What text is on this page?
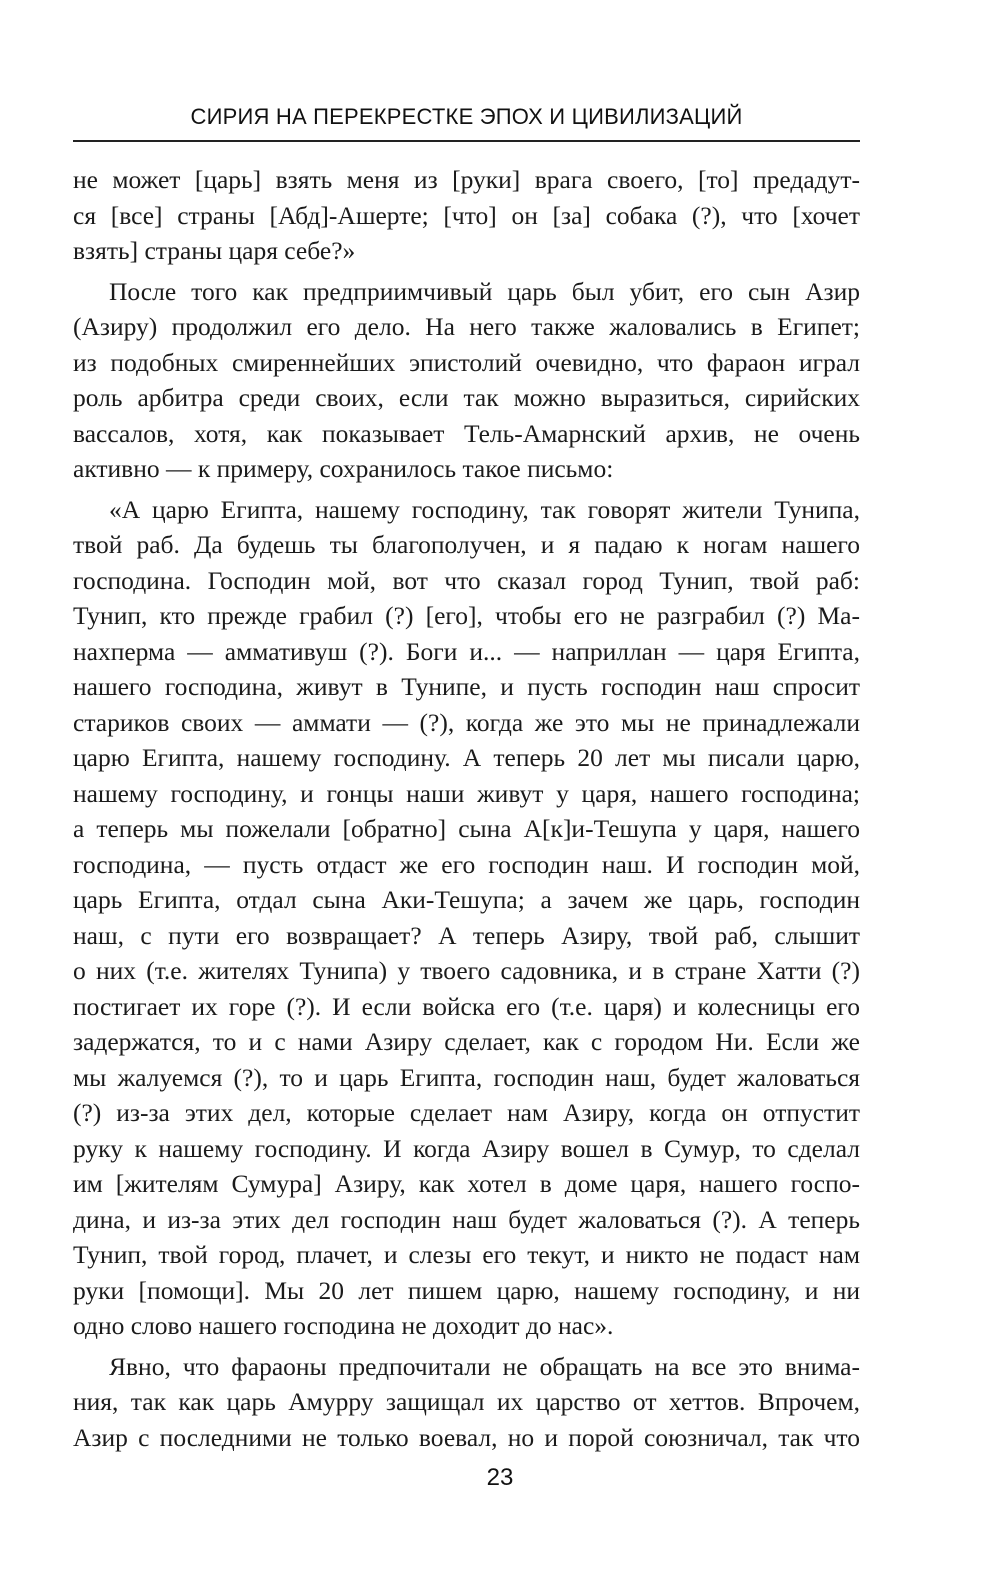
СИРИЯ НА ПЕРЕКРЕСТКЕ ЭПОХ И ЦИВИЛИЗАЦИЙ
не может [царь] взять меня из [руки] врага своего, [то] предадут-
ся [все] страны [Абд]-Ашерте; [что] он [за] собака (?), что [хочет
взять] страны царя себе?»
После того как предприимчивый царь был убит, его сын Азир
(Азиру) продолжил его дело. На него также жаловались в Египет;
из подобных смиреннейших эпистолий очевидно, что фараон играл
роль арбитра среди своих, если так можно выразиться, сирийских
вассалов, хотя, как показывает Тель-Амарнский архив, не очень
активно — к примеру, сохранилось такое письмо:
«А царю Египта, нашему господину, так говорят жители Тунипа,
твой раб. Да будешь ты благополучен, и я падаю к ногам нашего
господина. Господин мой, вот что сказал город Тунип, твой раб:
Тунип, кто прежде грабил (?) [его], чтобы его не разграбил (?) Ма-
нахперма — аммативуш (?). Боги и... — наприллан — царя Египта,
нашего господина, живут в Тунипе, и пусть господин наш спросит
стариков своих — аммати — (?), когда же это мы не принадлежали
царю Египта, нашему господину. А теперь 20 лет мы писали царю,
нашему господину, и гонцы наши живут у царя, нашего господина;
а теперь мы пожелали [обратно] сына А[к]и-Тешупа у царя, нашего
господина, — пусть отдаст же его господин наш. И господин мой,
царь Египта, отдал сына Аки-Тешупа; а зачем же царь, господин
наш, с пути его возвращает? А теперь Азиру, твой раб, слышит
о них (т.е. жителях Тунипа) у твоего садовника, и в стране Хатти (?)
постигает их горе (?). И если войска его (т.е. царя) и колесницы его
задержатся, то и с нами Азиру сделает, как с городом Ни. Если же
мы жалуемся (?), то и царь Египта, господин наш, будет жаловаться
(?) из-за этих дел, которые сделает нам Азиру, когда он отпустит
руку к нашему господину. И когда Азиру вошел в Сумур, то сделал
им [жителям Сумура] Азиру, как хотел в доме царя, нашего госпо-
дина, и из-за этих дел господин наш будет жаловаться (?). А теперь
Тунип, твой город, плачет, и слезы его текут, и никто не подаст нам
руки [помощи]. Мы 20 лет пишем царю, нашему господину, и ни
одно слово нашего господина не доходит до нас».
Явно, что фараоны предпочитали не обращать на все это внима-
ния, так как царь Амурру защищал их царство от хеттов. Впрочем,
Азир с последними не только воевал, но и порой союзничал, так что
23
